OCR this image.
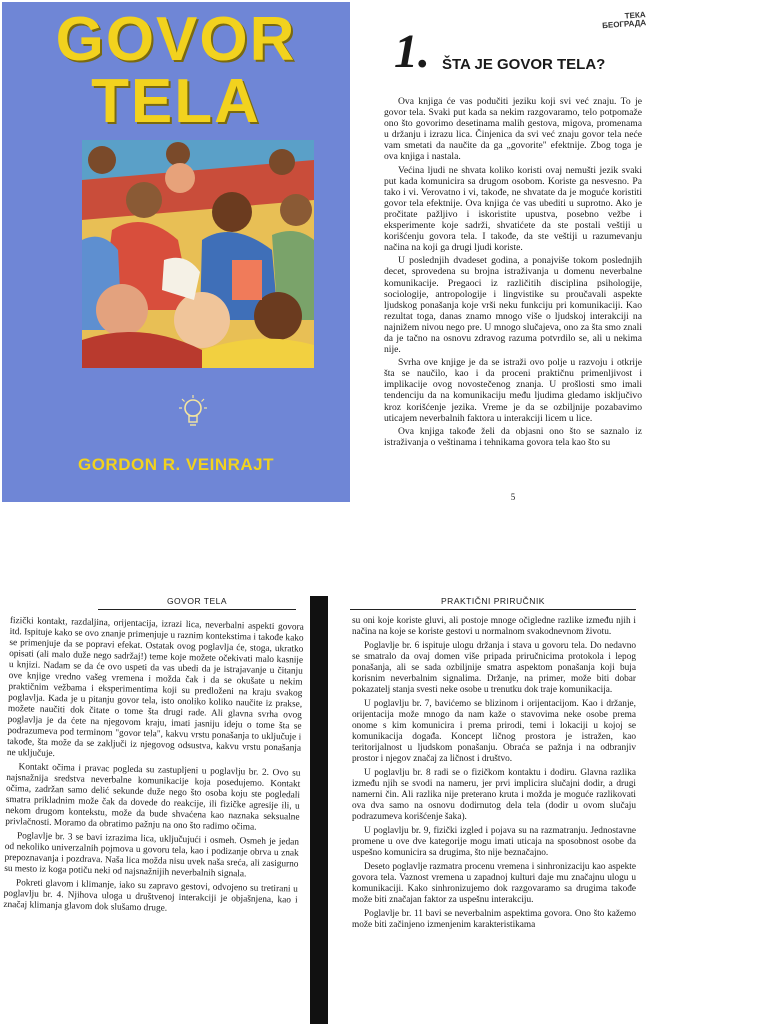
GOVOR
TELA
GORDON R. VEINRAJT
ТЕКА
БЕОГРАДА
1. ŠTA JE GOVOR TELA?

Ova knjiga će vas podučiti jeziku koji svi već znaju. To je govor tela. Svaki put kada sa nekim razgovaramo, telo potpomaže ono što govorimo desetinama malih gestova, migova, promenama u držanju i izrazu lica. Činjenica da svi već znaju govor tela neće vam smetati da naučite da ga „govorite" efektnije. Zbog toga je ova knjiga i nastala.

Većina ljudi ne shvata koliko koristi ovaj nemušti jezik svaki put kada komunicira sa drugom osobom. Koriste ga nesvesno. Pa tako i vi. Verovatno i vi, takođe, ne shvatate da je moguće koristiti govor tela efektnije. Ova knjiga će vas ubediti u suprotno. Ako je pročitate pažljivo i iskoristite upustva, posebno vežbe i eksperimente koje sadrži, shvatićete da ste postali veštiji u korišćenju govora tela. I takođe, da ste veštiji u razumevanju načina na koji ga drugi ljudi koriste.

U poslednjih dvadeset godina, a ponajviše tokom poslednjih decet, sprovedena su brojna istraživanja u domenu neverbalne komunikacije. Pregaoci iz različitih disciplina psihologije, sociologije, antropologije i lingvistike su proučavali aspekte ljudskog ponašanja koje vrši neku funkciju pri komunikaciji. Kao rezultat toga, danas znamo mnogo više o ljudskoj interakciji na najnižem nivou nego pre. U mnogo slučajeva, ono za šta smo znali da je tačno na osnovu zdravog razuma potvrdilo se, ali u nekima nije.

Svrha ove knjige je da se istraži ovo polje u razvoju i otkrije šta se naučilo, kao i da proceni praktičnu primenljivost i implikacije ovog novostečenog znanja. U prošlosti smo imali tendenciju da na komunikaciju među ljudima gledamo isključivo kroz korišćenje jezika. Vreme je da se ozbiljnije pozabavimo uticajem neverbalnih faktora u interakciji licem u lice.

Ova knjiga takođe želi da objasni ono što se saznalo iz istraživanja o veštinama i tehnikama govora tela kao što su

5
GOVOR TELA

fizički kontakt, razdaljina, orijentacija, izrazi lica, neverbalni aspekti govora itd. Ispituje kako se ovo znanje primenjuje u raznim kontekstima i takođe kako se primenjuje da se popravi efekat. Ostatak ovog poglavlja će, stoga, ukratko opisati (ali malo duže nego sadržaj!) teme koje možete očekivati malo kasnije u knjizi. Nadam se da će ovo uspeti da vas ubedi da je istrajavanje u čitanju ove knjige vredno vašeg vremena i možda čak i da se okušate u nekim praktičnim vežbama i eksperimentima koji su predloženi na kraju svakog poglavlja. Kada je u pitanju govor tela, isto onoliko koliko naučite iz prakse, možete naučiti dok čitate o tome šta drugi rade. Ali glavna svrha ovog poglavlja je da ćete na njegovom kraju, imati jasniju ideju o tome šta se podrazumeva pod terminom "govor tela", kakvu vrstu ponašanja to uključuje i takođe, šta može da se zaključi iz njegovog odsustva, kakvu vrstu ponašanja ne uključuje.

Kontakt očima i pravac pogleda su zastupljeni u poglavlju br. 2. Ovo su najsnažnija sredstva neverbalne komunikacije koja posedujemo. Kontakt očima, zadržan samo delić sekunde duže nego što osoba koju ste pogledali smatra prikladnim može čak da dovede do reakcije, ili fizičke agresije ili, u nekom drugom kontekstu, može da bude shvaćena kao naznaka seksualne privlačnosti. Moramo da obratimo pažnju na ono što radimo očima.

Poglavlje br. 3 se bavi izrazima lica, uključujući i osmeh. Osmeh je jedan od nekoliko univerzalnih pojmova u govoru tela, kao i podizanje obrva u znak prepoznavanja i pozdrava. Naša lica možda nisu uvek naša sreća, ali zasigurno su mesto iz koga potiču neki od najsnažnijih neverbalnih signala.

Pokreti glavom i klimanje, iako su zapravo gestovi, odvojeno su tretirani u poglavlju br. 4. Njihova uloga u društvenoj interakciji je objašnjena, kao i značaj klimanja glavom dok slušamo druge.

PRAKTIČNI PRIRUČNIK

su oni koje koriste gluvi, ali postoje mnoge očigledne razlike između njih i načina na koje se koriste gestovi u normalnom svakodnevnom životu.

Poglavlje br. 6 ispituje ulogu držanja i stava u govoru tela. Do nedavno se smatralo da ovaj domen više pripada priručnicima protokola i lepog ponašanja, ali se sada ozbiljnije smatra aspektom ponašanja koji buja korisnim neverbalnim signalima. Držanje, na primer, može biti dobar pokazatelj stanja svesti neke osobe u trenutku dok traje komunikacija.

U poglavlju br. 7, bavićemo se blizinom i orijentacijom. Kao i držanje, orijentacija može mnogo da nam kaže o stavovima neke osobe prema onome s kim komunicira i prema prirodi, temi i lokaciji u kojoj se komunikacija događa. Koncept ličnog prostora je istražen, kao teritorijalnost u ljudskom ponašanju. Obraća se pažnja i na odbranjiv prostor i njegov značaj za ličnost i društvo.

U poglavlju br. 8 radi se o fizičkom kontaktu i dodiru. Glavna razlika između njih se svodi na nameru, jer prvi implicira slučajni dodir, a drugi namerni čin. Ali razlika nije preterano kruta i možda je moguće razlikovati ova dva samo na osnovu dodirnutog dela tela (dodir u ovom slučaju podrazumeva korišćenje šaka).

U poglavlju br. 9, fizički izgled i pojava su na razmatranju. Jednostavne promene u ove dve kategorije mogu imati uticaja na sposobnost osobe da uspešno komunicira sa drugima, što nije beznačajno.

Deseto poglavlje razmatra procenu vremena i sinhronizaciju kao aspekte govora tela. Vaznost vremena u zapadnoj kulturi daje mu značajnu ulogu u komunikaciji. Kako sinhronizujemo dok razgovaramo sa drugima takođe može biti značajan faktor za uspešnu interakciju.

Poglavlje br. 11 bavi se neverbalnim aspektima govora. Ono što kažemo može biti začinjeno izmenjenim karakteristikama
